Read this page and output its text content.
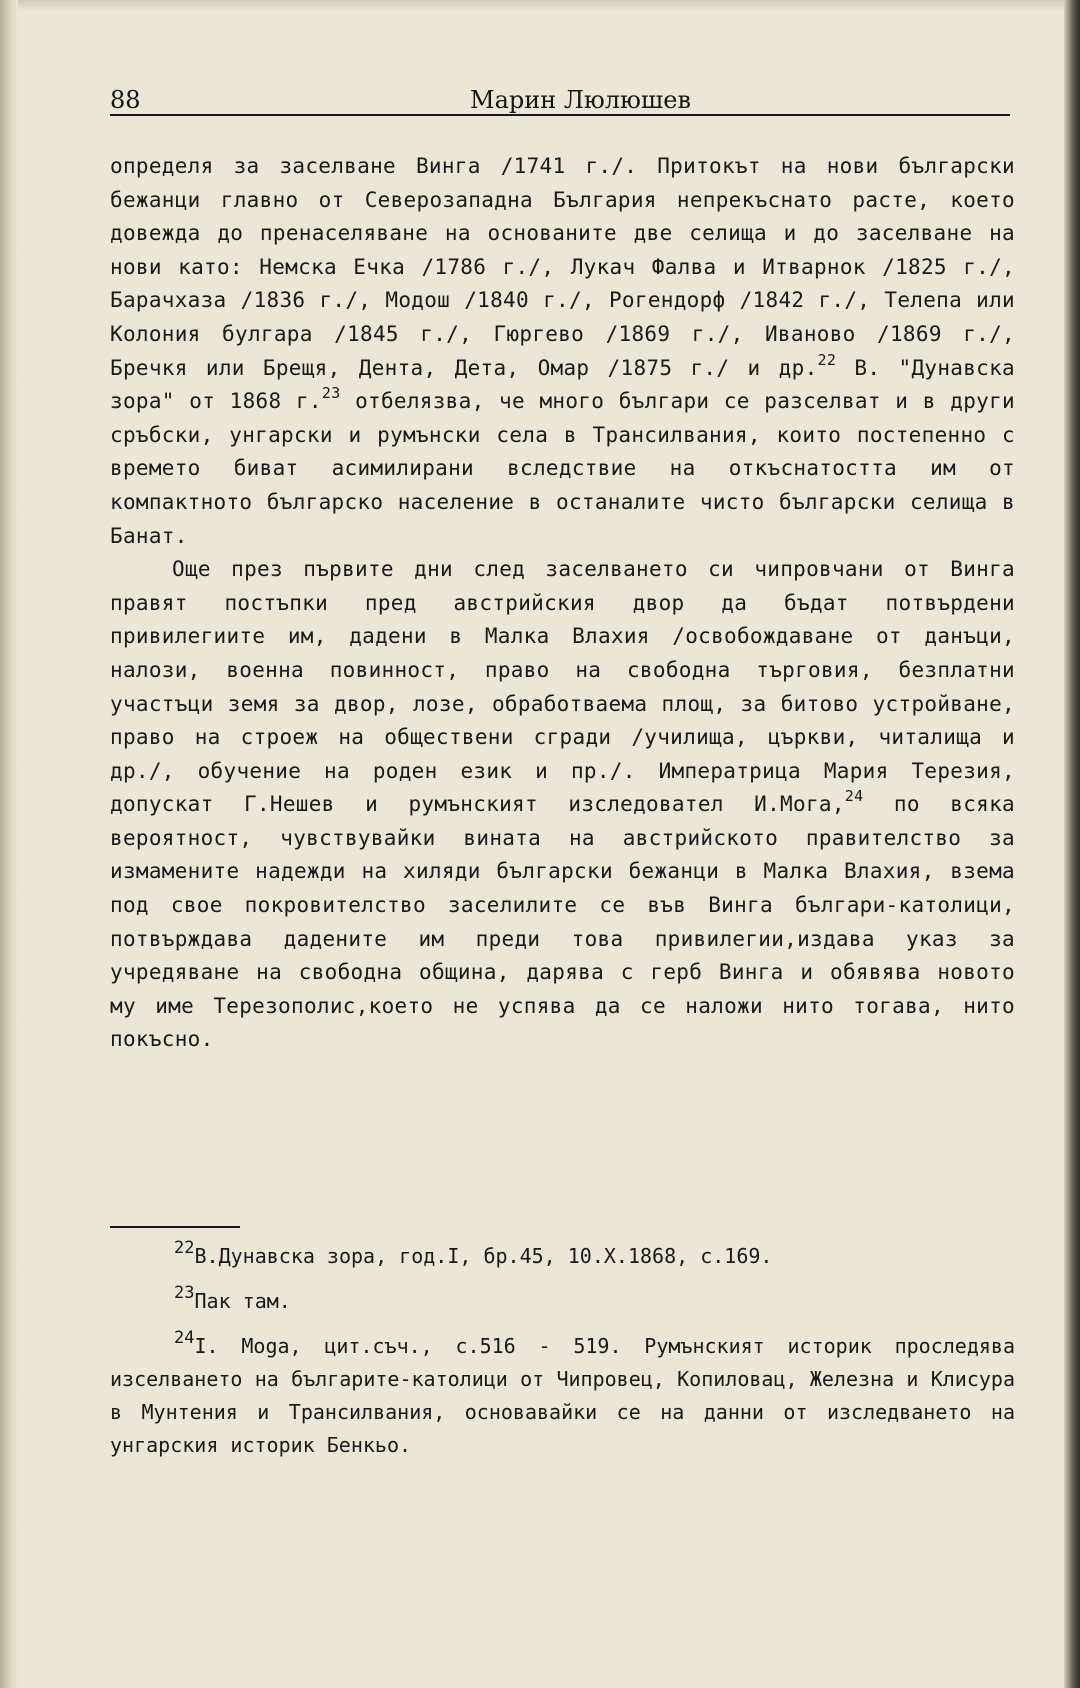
88	Марин Люлюшев

определя за заселване Винга /1741 г./. Притокът на нови български бежанци главно от Северозападна България непрекъснато расте, което довежда до пренаселяване на основаните две селища и до заселване на нови като: Немска Ечка /1786 г./, Лукач Фалва и Итварнок /1825 г./, Барачхаза /1836 г./, Модош /1840 г./, Рогендорф /1842 г./, Телепа или Колония булгара /1845 г./, Гюргево /1869 г./, Иваново /1869 г./, Бречкя или Брещя, Дента, Дета, Омар /1875 г./ и др.$^{22}$ В. "Дунавска зора" от 1868 г.$^{23}$ отбелязва, че много българи се разселват и в други сръбски, унгарски и румънски села в Трансилвания, които постепенно с времето биват асимилирани вследствие на откъснатостта им от компактното българско население в останалите чисто български селища в Банат.

Още през първите дни след заселването си чипровчани от Винга правят постъпки пред австрийския двор да бъдат потвърдени привилегиите им, дадени в Малка Влахия /освобождаване от данъци, налози, военна повинност, право на свободна търговия, безплатни участъци земя за двор, лозе, обработваема площ, за битово устройване, право на строеж на обществени сгради /училища, църкви, читалища и др./, обучение на роден език и пр./. Императрица Мария Терезия, допускат Г.Нешев и румънският изследовател И.Мога,$^{24}$ по всяка вероятност, чувствувайки вината на австрийското правителство за измамените надежди на хиляди български бежанци в Малка Влахия, взема под свое покровителство заселилите се във Винга българи-католици, потвърждава дадените им преди това привилегии,издава указ за учредяване на свободна община, дарява с герб Винга и обявява новото му име Терезополис,което не успява да се наложи нито тогава, нито покъсно.

$^{22}$В.Дунавска зора, год.I, бр.45, 10.X.1868, с.169.

$^{23}$Пак там.

$^{24}$I. Moga, цит.съч., с.516 - 519. Румънският историк проследява изселването на българите-католици от Чипровец, Копиловац, Железна и Клисура в Мунтения и Трансилвания, основавайки се на данни от изследването на унгарския историк Бенкьо.
